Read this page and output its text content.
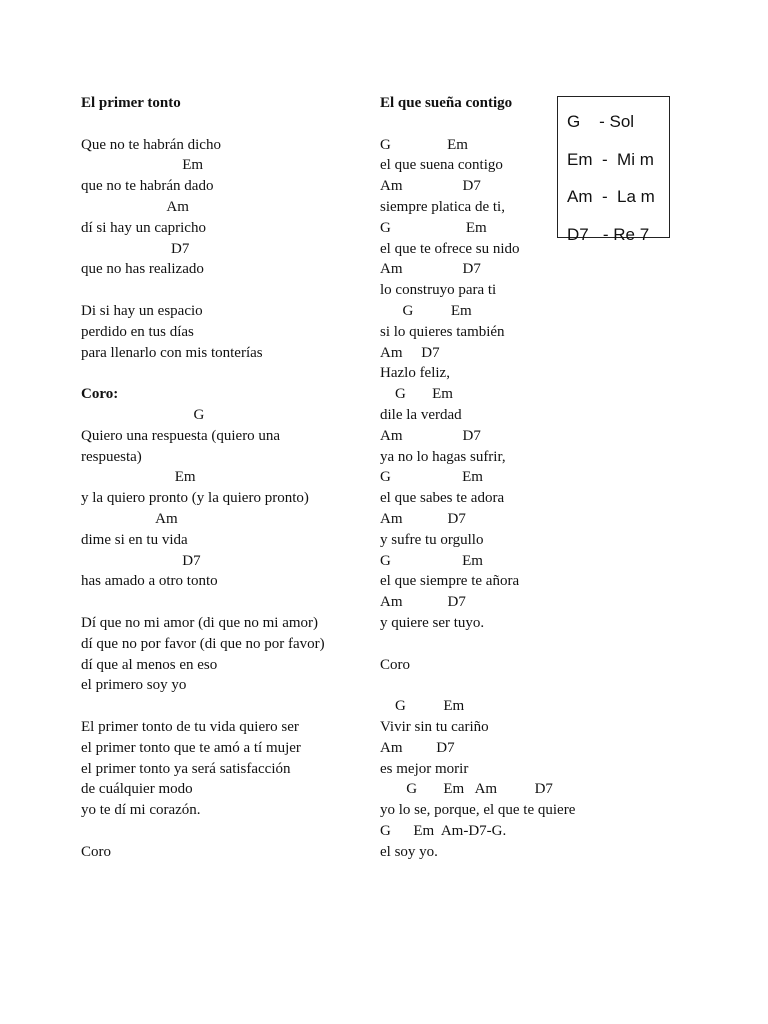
El primer tonto
Que no te habrán dicho
Em
que no te habrán dado
Am
dí si hay un capricho
D7
que no has realizado
Di si hay un espacio
perdido en tus días
para llenarlo con mis tonterías
Coro:
G
Quiero una respuesta (quiero una
respuesta)
Em
y la quiero pronto (y la quiero pronto)
Am
dime si en tu vida
D7
has amado a otro tonto
Dí que no mi amor (di que no mi amor)
dí que no por favor (di que no por favor)
dí que al menos en eso
el primero soy yo
El primer tonto de tu vida quiero ser
el primer tonto que te amó a tí mujer
el primer tonto ya será satisfacción
de cuálquier modo
yo te dí mi corazón.
Coro
El que sueña contigo
G               Em
el que suena contigo
Am                D7
siempre platica de ti,
G                    Em
el que te ofrece su nido
Am                D7
lo construyo para ti
G          Em
si lo quieres también
Am     D7
Hazlo feliz,
G       Em
dile la verdad
Am                D7
ya no lo hagas sufrir,
G                   Em
el que sabes te adora
Am            D7
y sufre tu orgullo
G                   Em
el que siempre te añora
Am            D7
y quiere ser tuyo.
Coro
G          Em
Vivir sin tu cariño
Am         D7
es mejor morir
G       Em   Am          D7
yo lo se, porque, el que te quiere
G      Em  Am-D7-G.
el soy yo.
G    - Sol
Em  -  Mi m
Am  -  La m
D7   - Re 7
